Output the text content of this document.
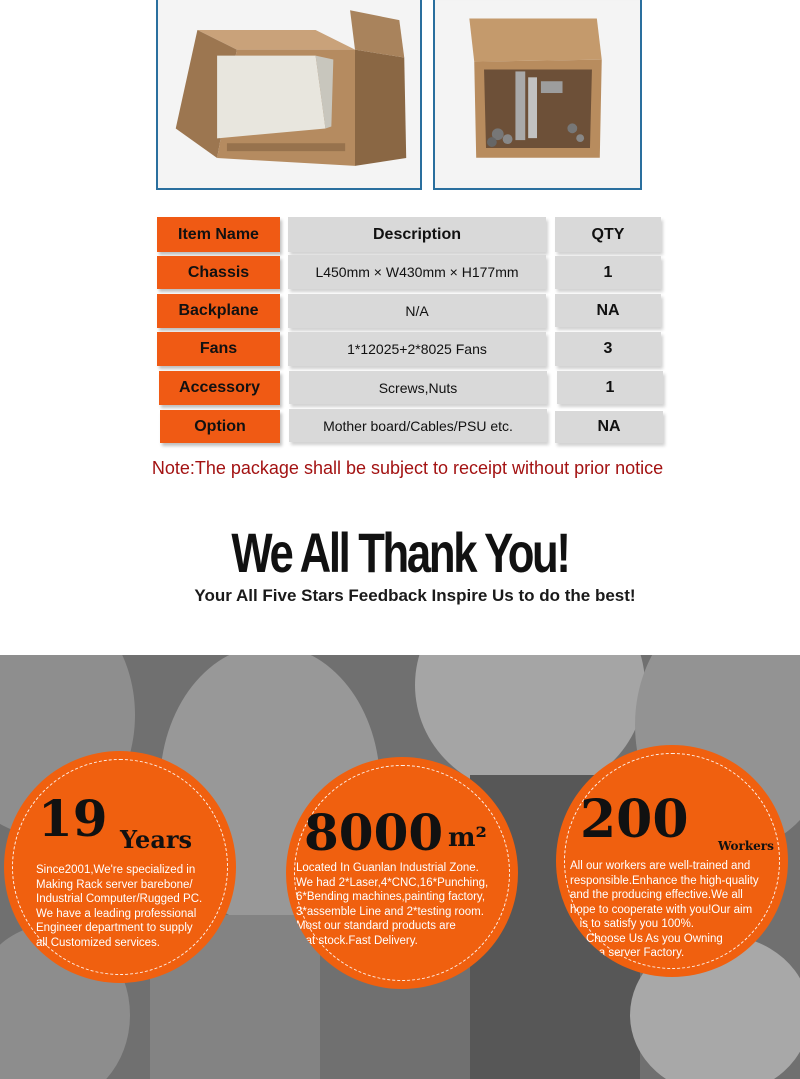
Item Name	Description	QTY
Chassis	L450mm × W430mm × H177mm	1
Backplane	N/A	NA
Fans	1*12025+2*8025 Fans	3
Accessory	Screws,Nuts	1
Option	Mother board/Cables/PSU etc.	NA
Note:The package shall be subject to receipt without prior notice
We All Thank You!
Your All Five Stars Feedback Inspire Us to do the best!
19 Years
Since2001,We're specialized in
Making Rack server barebone/
Industrial Computer/Rugged PC.
We have a leading professional
Engineer department to supply
all Customized services.
8000 m²
Located In Guanlan Industrial Zone.
We had 2*Laser,4*CNC,16*Punching,
6*Bending machines,painting factory,
3*assemble Line and 2*testing room.
Most our standard products are
at stock.Fast Delivery.
200 Workers
All our workers are well-trained and
responsible.Enhance the high-quality
and the producing effective.We all
hope to cooperate with you!Our aim
is to satisfy you 100%.
Choose Us As you Owning
a server Factory.
